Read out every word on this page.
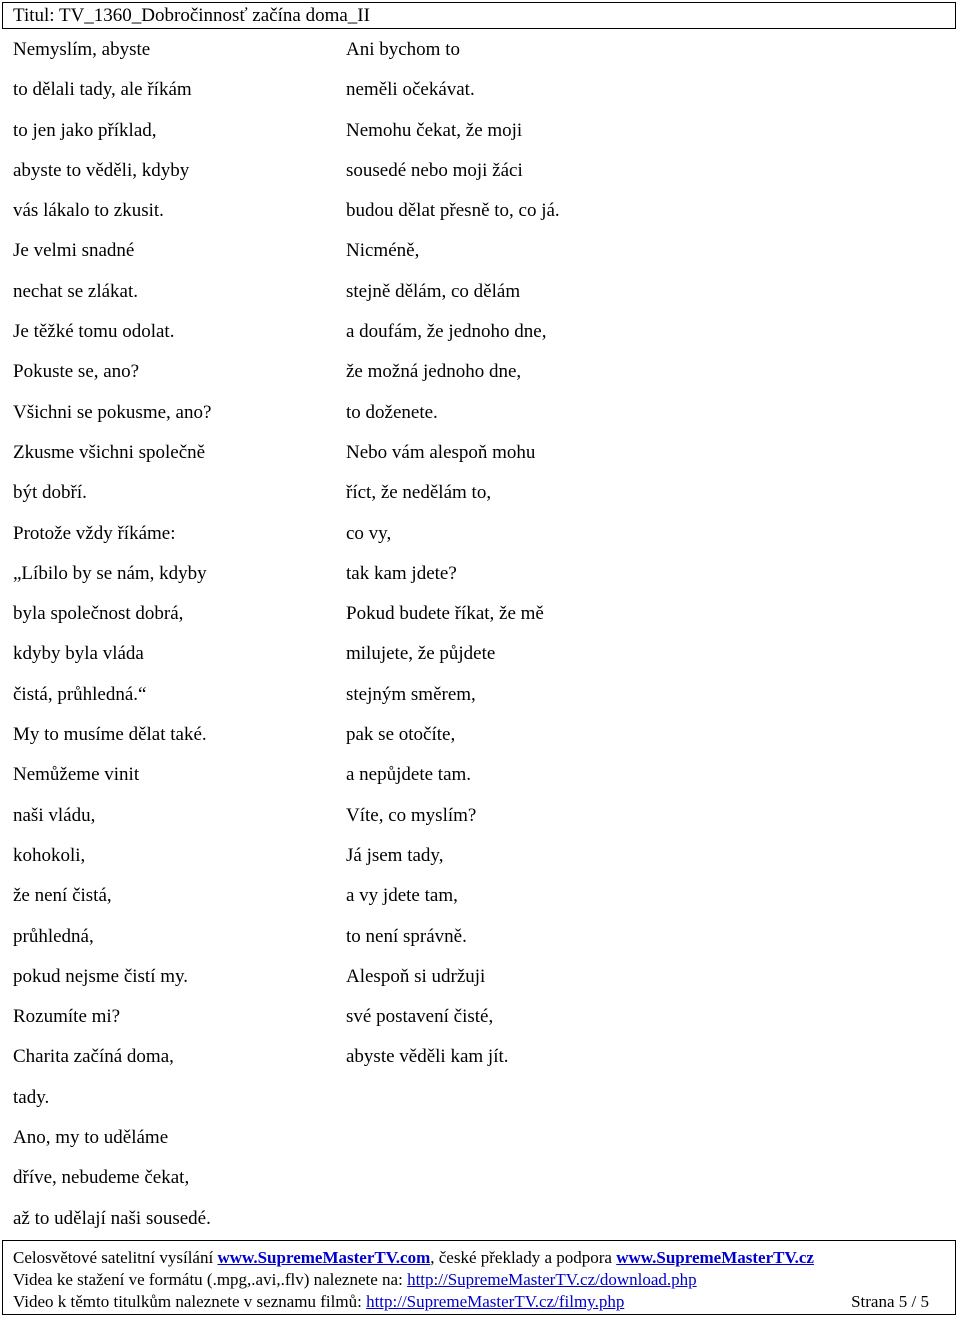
Titul: TV_1360_Dobročinnosť začína doma_II
Nemyslím, abyste
to dělali tady, ale říkám
to jen jako příklad,
abyste to věděli, kdyby
vás lákalo to zkusit.
Je velmi snadné
nechat se zlákat.
Je těžké tomu odolat.
Pokuste se, ano?
Všichni se pokusme, ano?
Zkusme všichni společně
být dobří.
Protože vždy říkáme:
„Líbilo by se nám, kdyby
byla společnost dobrá,
kdyby byla vláda
čistá, průhledná.“
My to musíme dělat také.
Nemůžeme vinit
naši vládu,
kohokoli,
že není čistá,
průhledná,
pokud nejsme čistí my.
Rozumíte mi?
Charita začíná doma,
tady.
Ano, my to uděláme
dříve, nebudeme čekat,
až to udělají naši sousedé.
Ani bychom to
neměli očekávat.
Nemohu čekat, že moji
sousedé nebo moji žáci
budou dělat přesně to, co já.
Nicméně,
stejně dělám, co dělám
a doufám, že jednoho dne,
že možná jednoho dne,
to doženete.
Nebo vám alespoň mohu
říct, že nedělám to,
co vy,
tak kam jdete?
Pokud budete říkat, že mě
milujete, že půjdete
stejným směrem,
pak se otočíte,
a nepůjdete tam.
Víte, co myslím?
Já jsem tady,
a vy jdete tam,
to není správně.
Alespoň si udržuji
své postavení čisté,
abyste věděli kam jít.
Celosvětové satelitní vysílání www.SupremeMasterTV.com, české překlady a podpora www.SupremeMasterTV.cz
Videa ke stažení ve formátu (.mpg,.avi,.flv) naleznete na: http://SupremeMasterTV.cz/download.php
Video k těmto titulkům naleznete v seznamu filmů: http://SupremeMasterTV.cz/filmy.php	Strana 5 / 5
